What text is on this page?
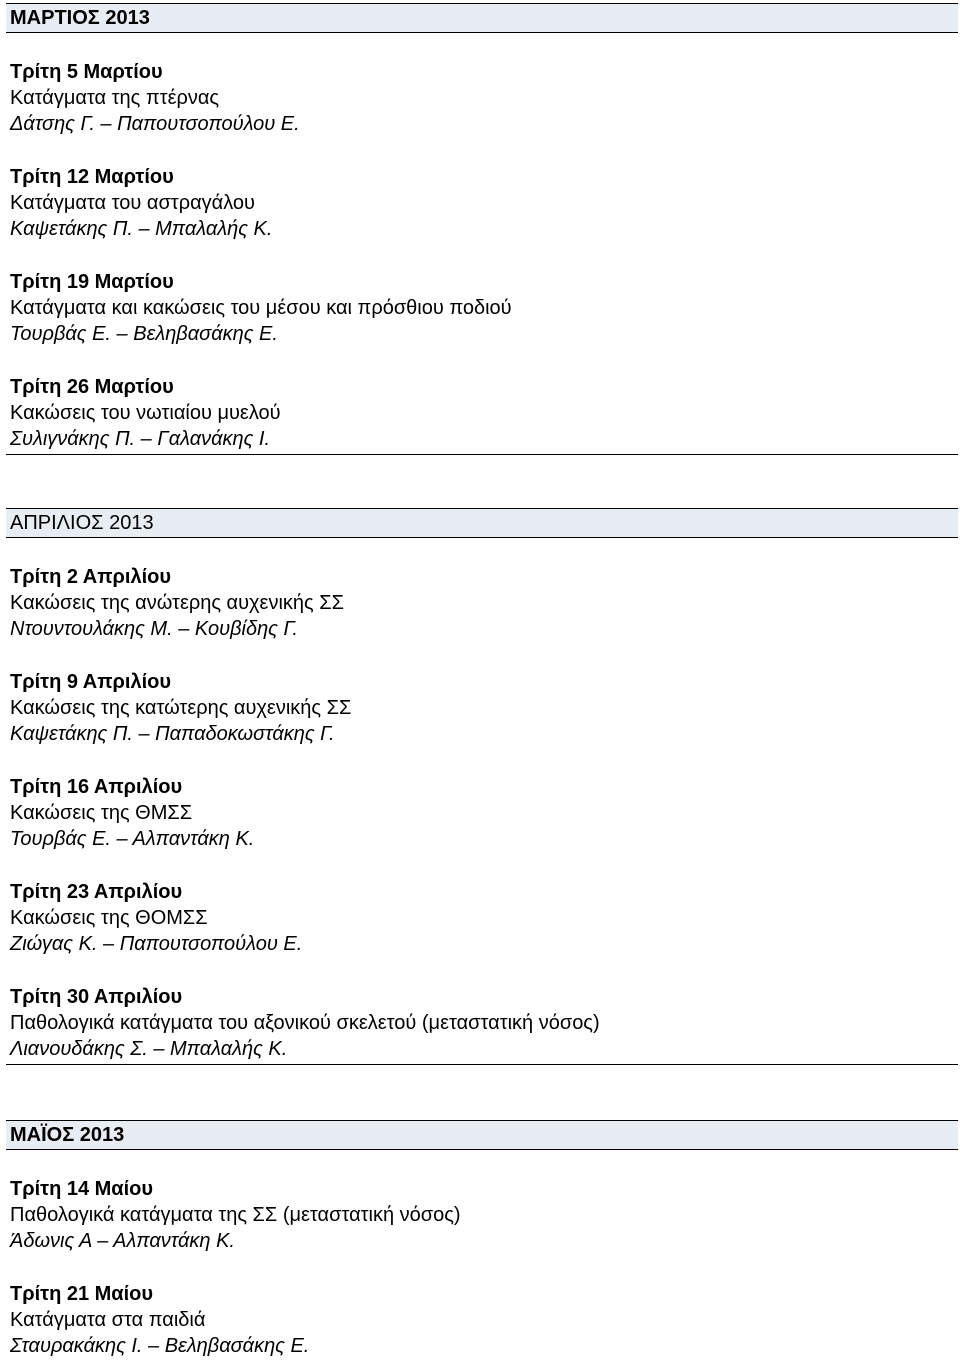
ΜΑΡΤΙΟΣ 2013
Τρίτη 5 Μαρτίου
Κατάγματα της πτέρνας
Δάτσης Γ. – Παπουτσοπούλου Ε.
Τρίτη 12 Μαρτίου
Κατάγματα του αστραγάλου
Καψετάκης Π. – Μπαλαλής Κ.
Τρίτη 19 Μαρτίου
Κατάγματα και κακώσεις του μέσου και πρόσθιου ποδιού
Τουρβάς Ε. – Βεληβασάκης Ε.
Τρίτη 26 Μαρτίου
Κακώσεις του νωτιαίου μυελού
Συλιγνάκης Π. – Γαλανάκης Ι.
ΑΠΡΙΛΙΟΣ 2013
Τρίτη 2 Απριλίου
Κακώσεις της ανώτερης αυχενικής ΣΣ
Ντουντουλάκης Μ. – Κουβίδης Γ.
Τρίτη 9 Απριλίου
Κακώσεις της κατώτερης αυχενικής ΣΣ
Καψετάκης Π. – Παπαδοκωστάκης Γ.
Τρίτη 16 Απριλίου
Κακώσεις της ΘΜΣΣ
Τουρβάς Ε. – Αλπαντάκη Κ.
Τρίτη 23 Απριλίου
Κακώσεις της ΘΟΜΣΣ
Ζιώγας Κ. – Παπουτσοπούλου Ε.
Τρίτη 30 Απριλίου
Παθολογικά κατάγματα του αξονικού σκελετού (μεταστατική νόσος)
Λιανουδάκης Σ. – Μπαλαλής Κ.
ΜΑΪΟΣ 2013
Τρίτη 14 Μαίου
Παθολογικά κατάγματα της ΣΣ (μεταστατική νόσος)
Άδωνις Α – Αλπαντάκη Κ.
Τρίτη 21 Μαίου
Κατάγματα στα παιδιά
Σταυρακάκης Ι. – Βεληβασάκης Ε.
